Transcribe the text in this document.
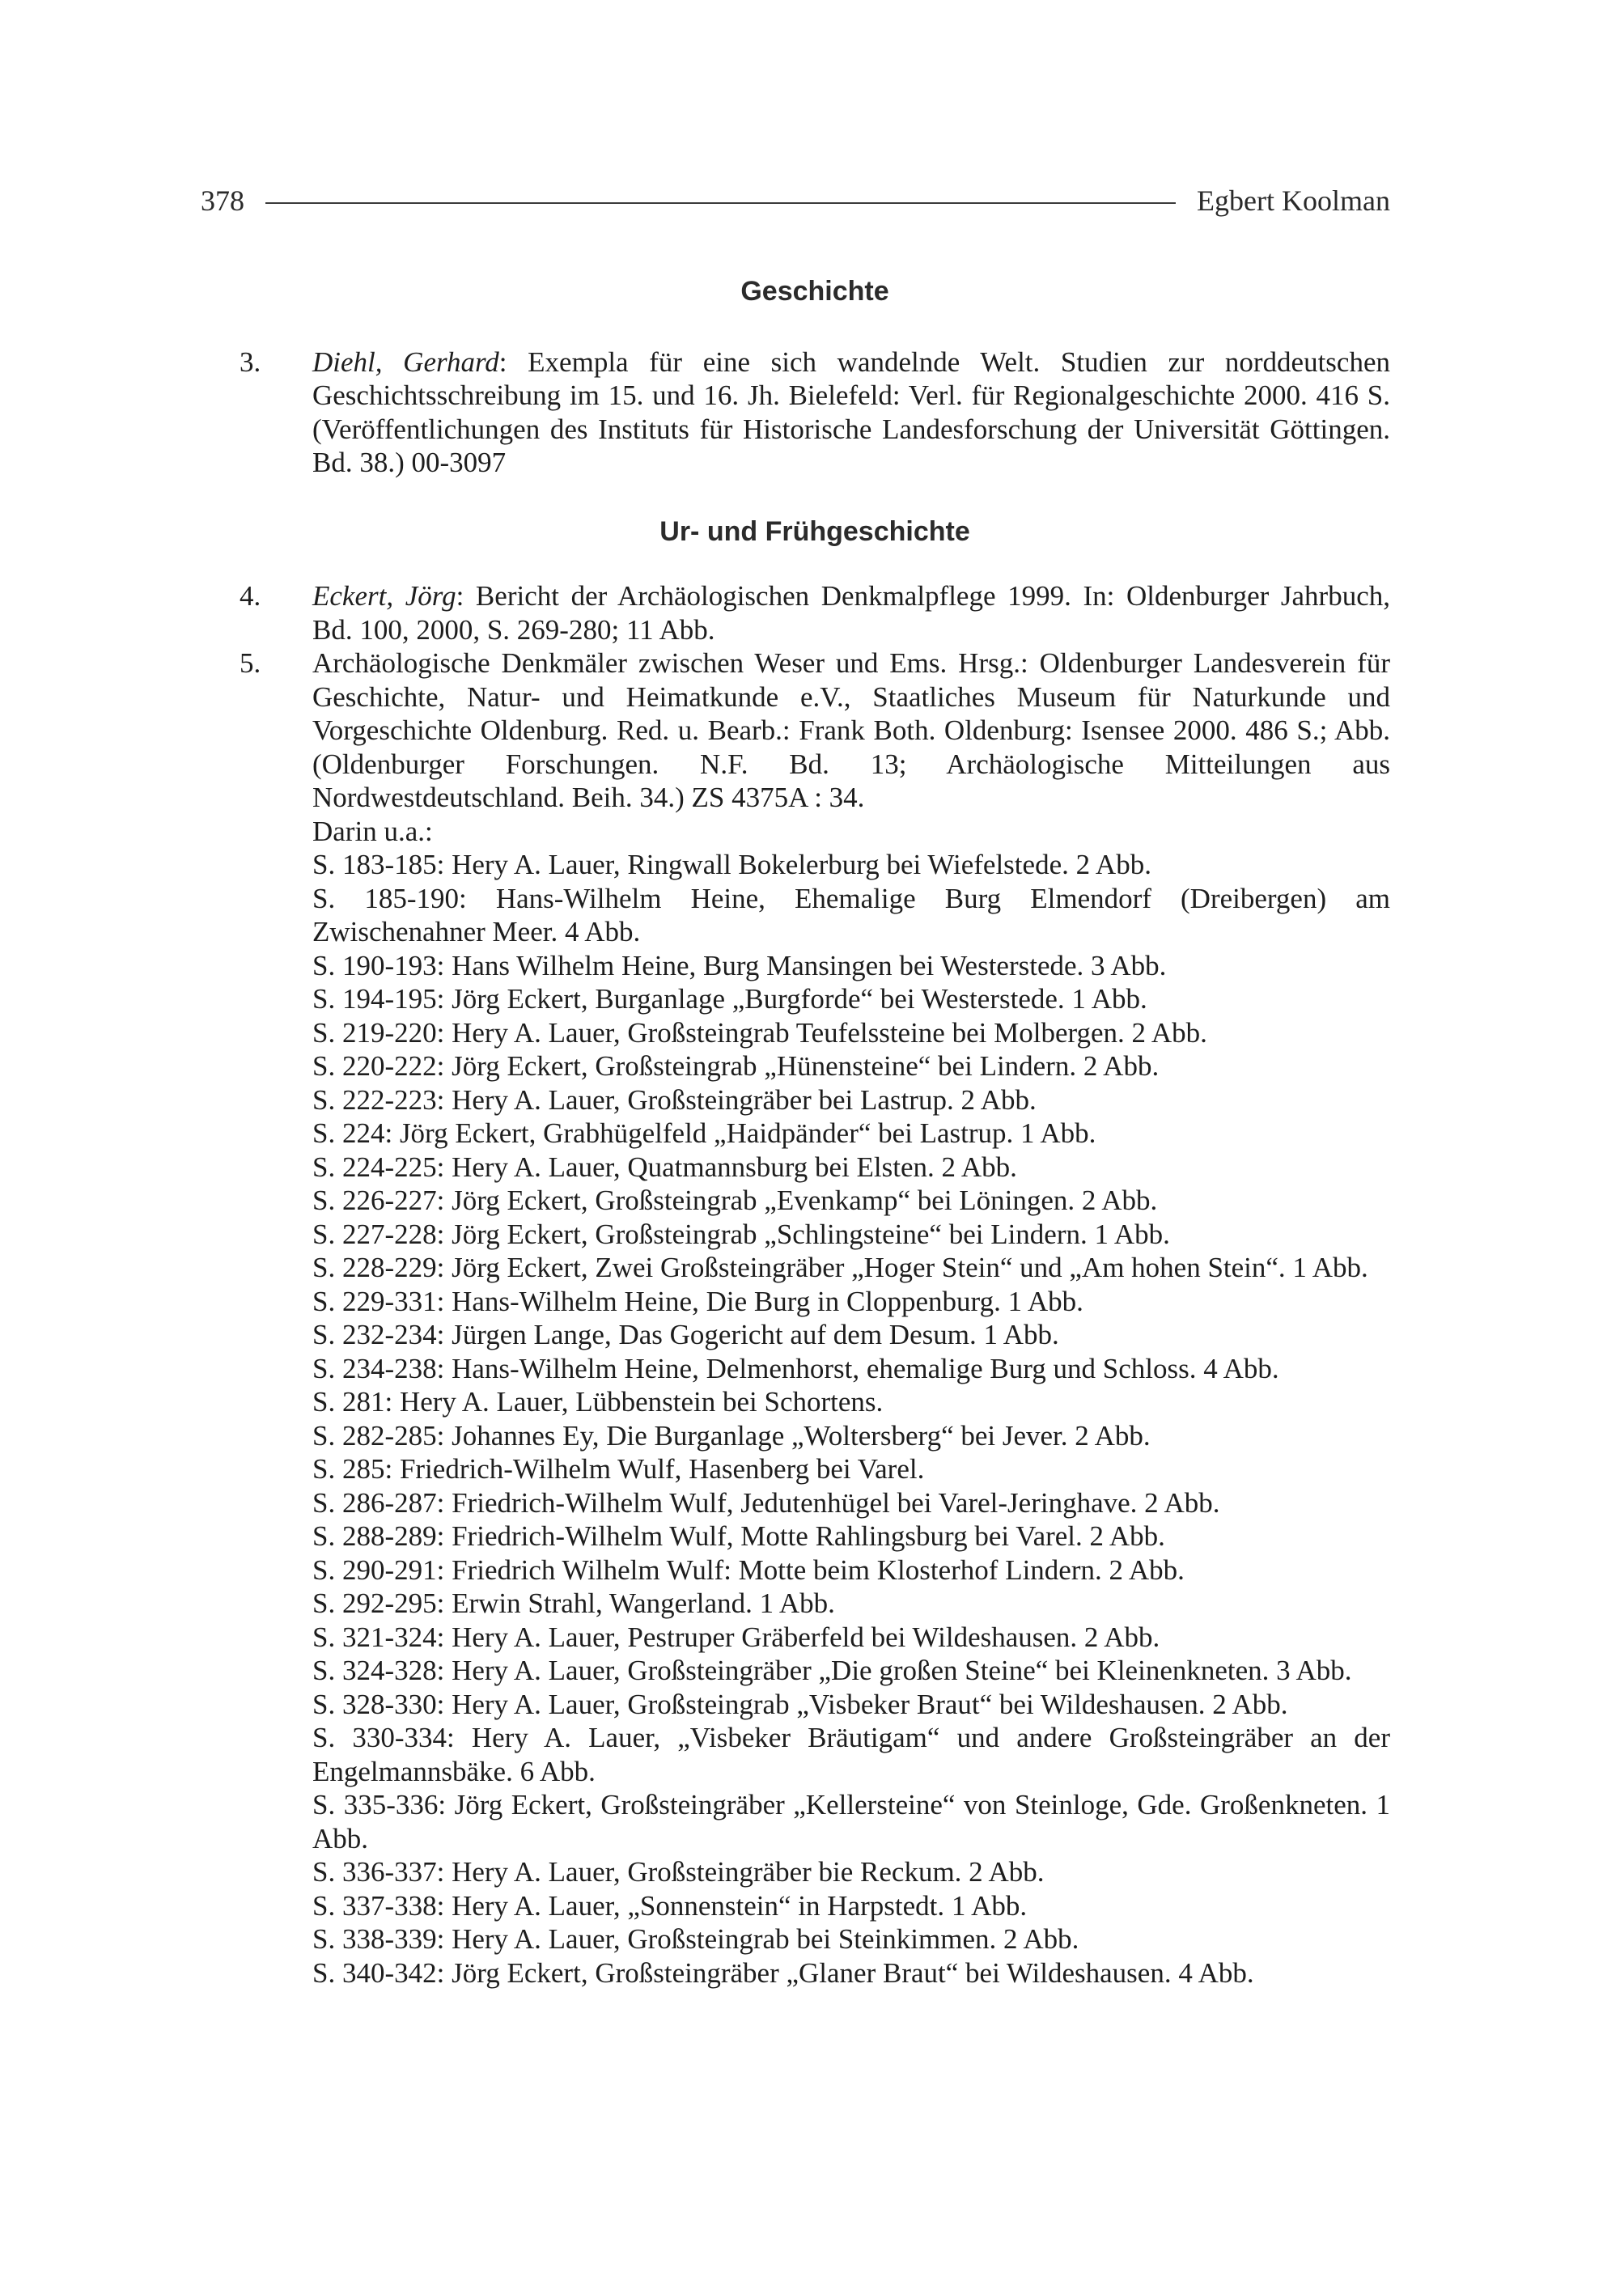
378	Egbert Koolman
Geschichte
3. Diehl, Gerhard: Exempla für eine sich wandelnde Welt. Studien zur norddeutschen Geschichtsschreibung im 15. und 16. Jh. Bielefeld: Verl. für Regionalgeschichte 2000. 416 S. (Veröffentlichungen des Instituts für Historische Landesforschung der Universität Göttingen. Bd. 38.) 00-3097
Ur- und Frühgeschichte
4. Eckert, Jörg: Bericht der Archäologischen Denkmalpflege 1999. In: Oldenburger Jahrbuch, Bd. 100, 2000, S. 269-280; 11 Abb.
5. Archäologische Denkmäler zwischen Weser und Ems. Hrsg.: Oldenburger Landesverein für Geschichte, Natur- und Heimatkunde e.V., Staatliches Museum für Naturkunde und Vorgeschichte Oldenburg. Red. u. Bearb.: Frank Both. Oldenburg: Isensee 2000. 486 S.; Abb. (Oldenburger Forschungen. N.F. Bd. 13; Archäologische Mitteilungen aus Nordwestdeutschland. Beih. 34.) ZS 4375A : 34.
Darin u.a.:
S. 183-185: Hery A. Lauer, Ringwall Bokelerburg bei Wiefelstede. 2 Abb.
S. 185-190: Hans-Wilhelm Heine, Ehemalige Burg Elmendorf (Dreibergen) am Zwischenahner Meer. 4 Abb.
S. 190-193: Hans Wilhelm Heine, Burg Mansingen bei Westerstede. 3 Abb.
S. 194-195: Jörg Eckert, Burganlage „Burgforde“ bei Westerstede. 1 Abb.
S. 219-220: Hery A. Lauer, Großsteingrab Teufelssteine bei Molbergen. 2 Abb.
S. 220-222: Jörg Eckert, Großsteingrab „Hünensteine“ bei Lindern. 2 Abb.
S. 222-223: Hery A. Lauer, Großsteingräber bei Lastrup. 2 Abb.
S. 224: Jörg Eckert, Grabhügelfeld „Haidpänder“ bei Lastrup. 1 Abb.
S. 224-225: Hery A. Lauer, Quatmannsburg bei Elsten. 2 Abb.
S. 226-227: Jörg Eckert, Großsteingrab „Evenkamp“ bei Löningen. 2 Abb.
S. 227-228: Jörg Eckert, Großsteingrab „Schlingsteine“ bei Lindern. 1 Abb.
S. 228-229: Jörg Eckert, Zwei Großsteingräber „Hoger Stein“ und „Am hohen Stein“. 1 Abb.
S. 229-331: Hans-Wilhelm Heine, Die Burg in Cloppenburg. 1 Abb.
S. 232-234: Jürgen Lange, Das Gogericht auf dem Desum. 1 Abb.
S. 234-238: Hans-Wilhelm Heine, Delmenhorst, ehemalige Burg und Schloss. 4 Abb.
S. 281: Hery A. Lauer, Lübbenstein bei Schortens.
S. 282-285: Johannes Ey, Die Burganlage „Woltersberg“ bei Jever. 2 Abb.
S. 285: Friedrich-Wilhelm Wulf, Hasenberg bei Varel.
S. 286-287: Friedrich-Wilhelm Wulf, Jedutenhügel bei Varel-Jeringhave. 2 Abb.
S. 288-289: Friedrich-Wilhelm Wulf, Motte Rahlingsburg bei Varel. 2 Abb.
S. 290-291: Friedrich Wilhelm Wulf: Motte beim Klosterhof Lindern. 2 Abb.
S. 292-295: Erwin Strahl, Wangerland. 1 Abb.
S. 321-324: Hery A. Lauer, Pestruper Gräberfeld bei Wildeshausen. 2 Abb.
S. 324-328: Hery A. Lauer, Großsteingräber „Die großen Steine“ bei Kleinenkneten. 3 Abb.
S. 328-330: Hery A. Lauer, Großsteingrab „Visbeker Braut“ bei Wildeshausen. 2 Abb.
S. 330-334: Hery A. Lauer, „Visbeker Bräutigam“ und andere Großsteingräber an der Engelmannsbäke. 6 Abb.
S. 335-336: Jörg Eckert, Großsteingräber „Kellersteine“ von Steinloge, Gde. Großenkneten. 1 Abb.
S. 336-337: Hery A. Lauer, Großsteingräber bie Reckum. 2 Abb.
S. 337-338: Hery A. Lauer, „Sonnenstein“ in Harpstedt. 1 Abb.
S. 338-339: Hery A. Lauer, Großsteingrab bei Steinkimmen. 2 Abb.
S. 340-342: Jörg Eckert, Großsteingräber „Glaner Braut“ bei Wildeshausen. 4 Abb.
